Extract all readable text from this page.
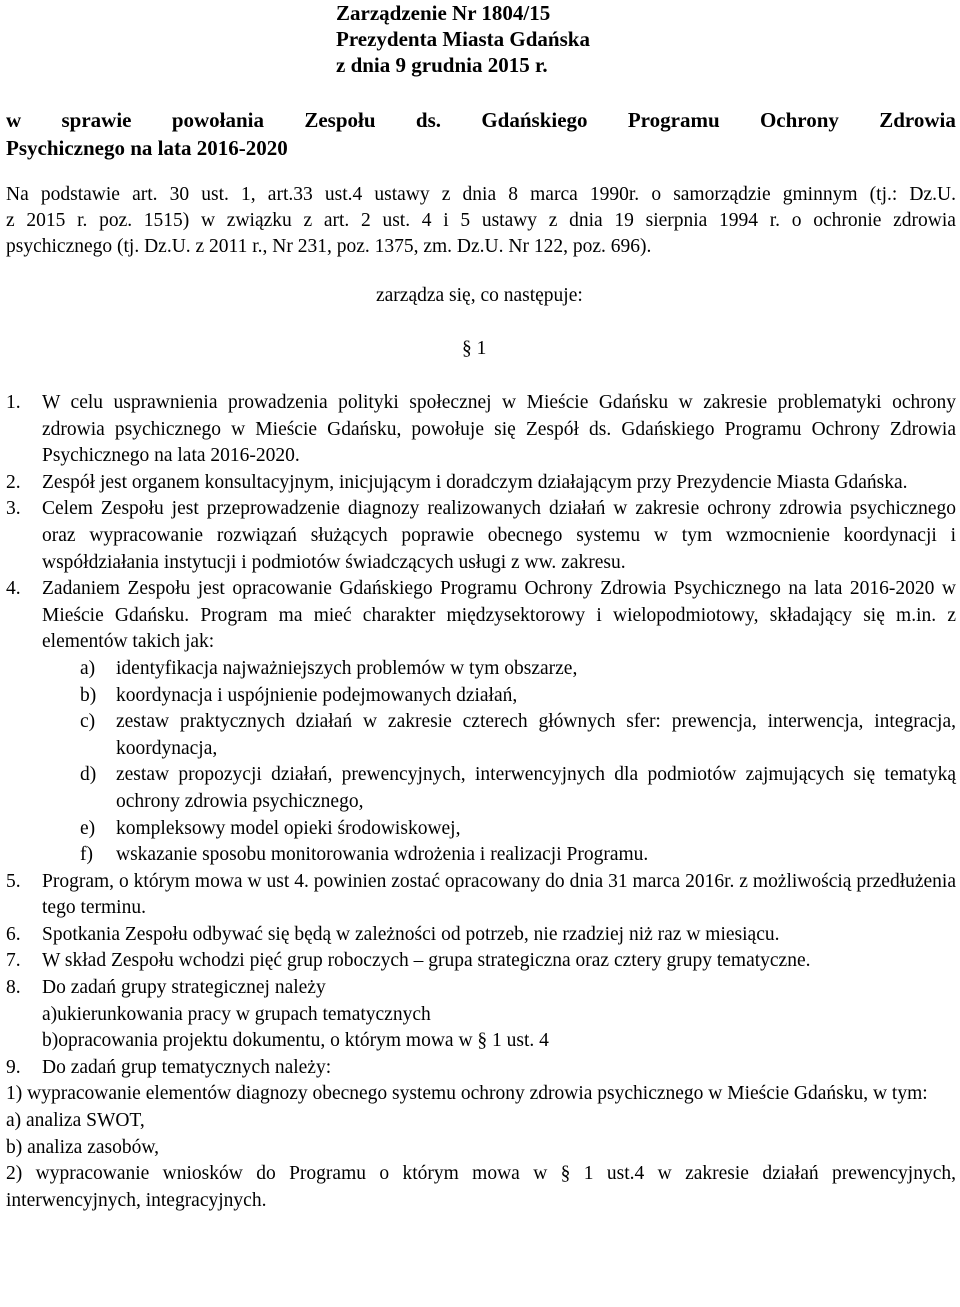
Zarządzenie Nr 1804/15
Prezydenta Miasta Gdańska
z dnia 9 grudnia 2015 r.
w sprawie powołania Zespołu ds. Gdańskiego Programu Ochrony Zdrowia
Psychicznego na lata 2016-2020
Na podstawie art. 30 ust. 1, art.33 ust.4 ustawy z dnia 8 marca 1990r. o samorządzie gminnym (tj.: Dz.U.
z 2015 r. poz. 1515) w związku z art. 2 ust. 4 i 5 ustawy z dnia 19 sierpnia 1994 r. o ochronie zdrowia
psychicznego (tj. Dz.U. z 2011 r., Nr 231, poz. 1375, zm. Dz.U. Nr 122, poz. 696).
zarządza się, co następuje:
§ 1
1. W celu usprawnienia prowadzenia polityki społecznej w Mieście Gdańsku w zakresie problematyki ochrony zdrowia psychicznego w Mieście Gdańsku, powołuje się Zespół ds. Gdańskiego Programu Ochrony Zdrowia Psychicznego na lata 2016-2020.
2. Zespół jest organem konsultacyjnym, inicjującym i doradczym działającym przy Prezydencie Miasta Gdańska.
3. Celem Zespołu jest przeprowadzenie diagnozy realizowanych działań w zakresie ochrony zdrowia psychicznego oraz wypracowanie rozwiązań służących poprawie obecnego systemu w tym wzmocnienie koordynacji i współdziałania instytucji i podmiotów świadczących usługi z ww. zakresu.
4. Zadaniem Zespołu jest opracowanie Gdańskiego Programu Ochrony Zdrowia Psychicznego na lata 2016-2020 w Mieście Gdańsku. Program ma mieć charakter międzysektorowy i wielopodmiotowy, składający się m.in. z elementów takich jak:
a) identyfikacja najważniejszych problemów w tym obszarze,
b) koordynacja i uspójnienie podejmowanych działań,
c) zestaw praktycznych działań w zakresie czterech głównych sfer: prewencja, interwencja, integracja, koordynacja,
d) zestaw propozycji działań, prewencyjnych, interwencyjnych dla podmiotów zajmujących się tematyką ochrony zdrowia psychicznego,
e) kompleksowy model opieki środowiskowej,
f) wskazanie sposobu monitorowania wdrożenia i realizacji Programu.
5. Program, o którym mowa w ust 4. powinien zostać opracowany do dnia 31 marca 2016r. z możliwością przedłużenia tego terminu.
6. Spotkania Zespołu odbywać się będą w zależności od potrzeb, nie rzadziej niż raz w miesiącu.
7. W skład Zespołu wchodzi pięć grup roboczych – grupa strategiczna oraz cztery grupy tematyczne.
8. Do zadań grupy strategicznej należy
a)ukierunkowania pracy w grupach tematycznych
b)opracowania projektu dokumentu, o którym mowa w § 1 ust. 4
9. Do zadań grup tematycznych należy:
1) wypracowanie elementów diagnozy obecnego systemu ochrony zdrowia psychicznego w Mieście Gdańsku, w tym:
a) analiza SWOT,
b) analiza zasobów,
2) wypracowanie wniosków do Programu o którym mowa w § 1 ust.4 w zakresie działań prewencyjnych, interwencyjnych, integracyjnych.
